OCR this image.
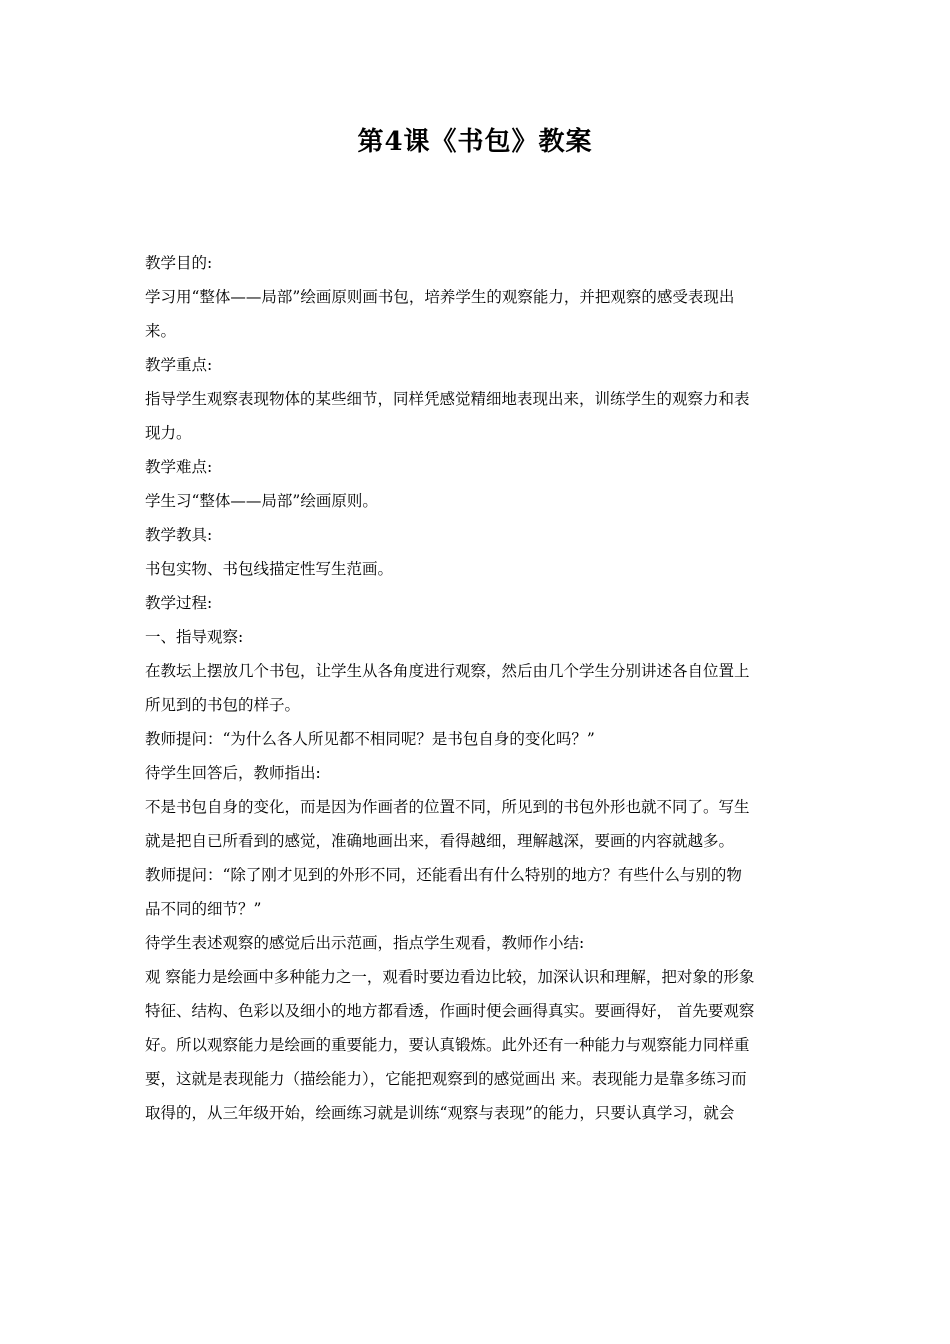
第4课《书包》教案

教学目的:

学习用“整体——局部”绘画原则画书包，培养学生的观察能力，并把观察的感受表现出

来。

教学重点:

指导学生观察表现物体的某些细节，同样凭感觉精细地表现出来，训练学生的观察力和表

现力。

教学难点:

学生习“整体——局部”绘画原则。

教学教具:

书包实物、书包线描定性写生范画。

教学过程:

一、指导观察:

在教坛上摆放几个书包，让学生从各角度进行观察，然后由几个学生分别讲述各自位置上

所见到的书包的样子。

教师提问：“为什么各人所见都不相同呢？是书包自身的变化吗？”

待学生回答后，教师指出:

不是书包自身的变化，而是因为作画者的位置不同，所见到的书包外形也就不同了。写生

就是把自已所看到的感觉，准确地画出来，看得越细，理解越深，要画的内容就越多。

教师提问：“除了刚才见到的外形不同，还能看出有什么特别的地方？有些什么与别的物

品不同的细节？”

待学生表述观察的感觉后出示范画，指点学生观看，教师作小结:

观 察能力是绘画中多种能力之一，观看时要边看边比较，加深认识和理解，把对象的形象

特征、结构、色彩以及细小的地方都看透，作画时便会画得真实。要画得好， 首先要观察

好。所以观察能力是绘画的重要能力，要认真锻炼。此外还有一种能力与观察能力同样重

要，这就是表现能力（描绘能力），它能把观察到的感觉画出 来。表现能力是靠多练习而

取得的，从三年级开始，绘画练习就是训练“观察与表现”的能力，只要认真学习，就会
